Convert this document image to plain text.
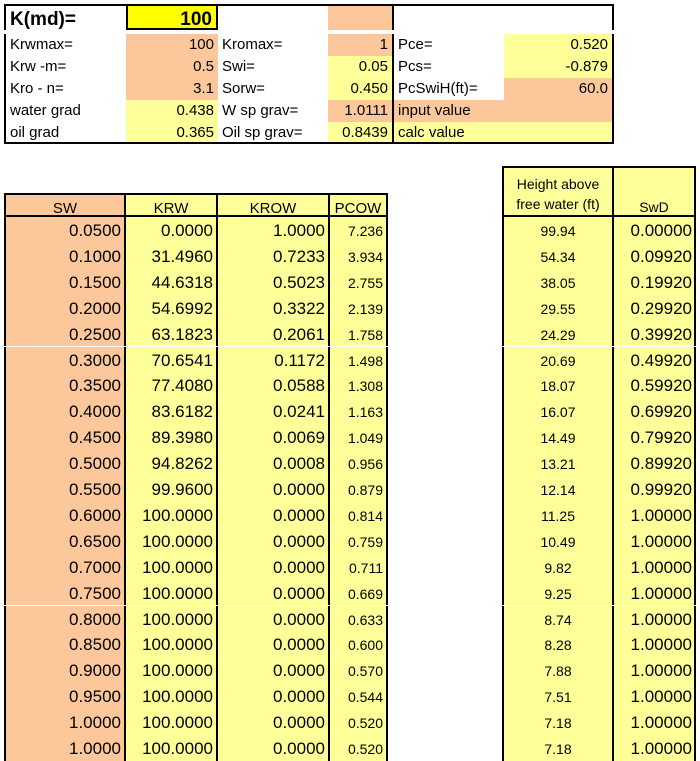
K(md)=	100
Krwmax=	100 Kromax=	1 Pce=	0.520
Krw -m=	0.5 Swi=	0.05 Pcs=	-0.879
Kro - n=	3.1 Sorw=	0.450 PcSwiH(ft)=	60.0
water grad	0.438 W sp grav=	1.0111 input value
oil grad	0.365 Oil sp grav=	0.8439 calc value
SW	KRW	KROW	PCOW
0.0500	0.0000	1.0000	7.236
0.1000	31.4960	0.7233	3.934
0.1500	44.6318	0.5023	2.755
0.2000	54.6992	0.3322	2.139
0.2500	63.1823	0.2061	1.758
0.3000	70.6541	0.1172	1.498
0.3500	77.4080	0.0588	1.308
0.4000	83.6182	0.0241	1.163
0.4500	89.3980	0.0069	1.049
0.5000	94.8262	0.0008	0.956
0.5500	99.9600	0.0000	0.879
0.6000	100.0000	0.0000	0.814
0.6500	100.0000	0.0000	0.759
0.7000	100.0000	0.0000	0.711
0.7500	100.0000	0.0000	0.669
0.8000	100.0000	0.0000	0.633
0.8500	100.0000	0.0000	0.600
0.9000	100.0000	0.0000	0.570
0.9500	100.0000	0.0000	0.544
1.0000	100.0000	0.0000	0.520
1.0000	100.0000	0.0000	0.520
Height above
free water (ft)	SwD
99.94	0.00000
54.34	0.09920
38.05	0.19920
29.55	0.29920
24.29	0.39920
20.69	0.49920
18.07	0.59920
16.07	0.69920
14.49	0.79920
13.21	0.89920
12.14	0.99920
11.25	1.00000
10.49	1.00000
9.82	1.00000
9.25	1.00000
8.74	1.00000
8.28	1.00000
7.88	1.00000
7.51	1.00000
7.18	1.00000
7.18	1.00000
